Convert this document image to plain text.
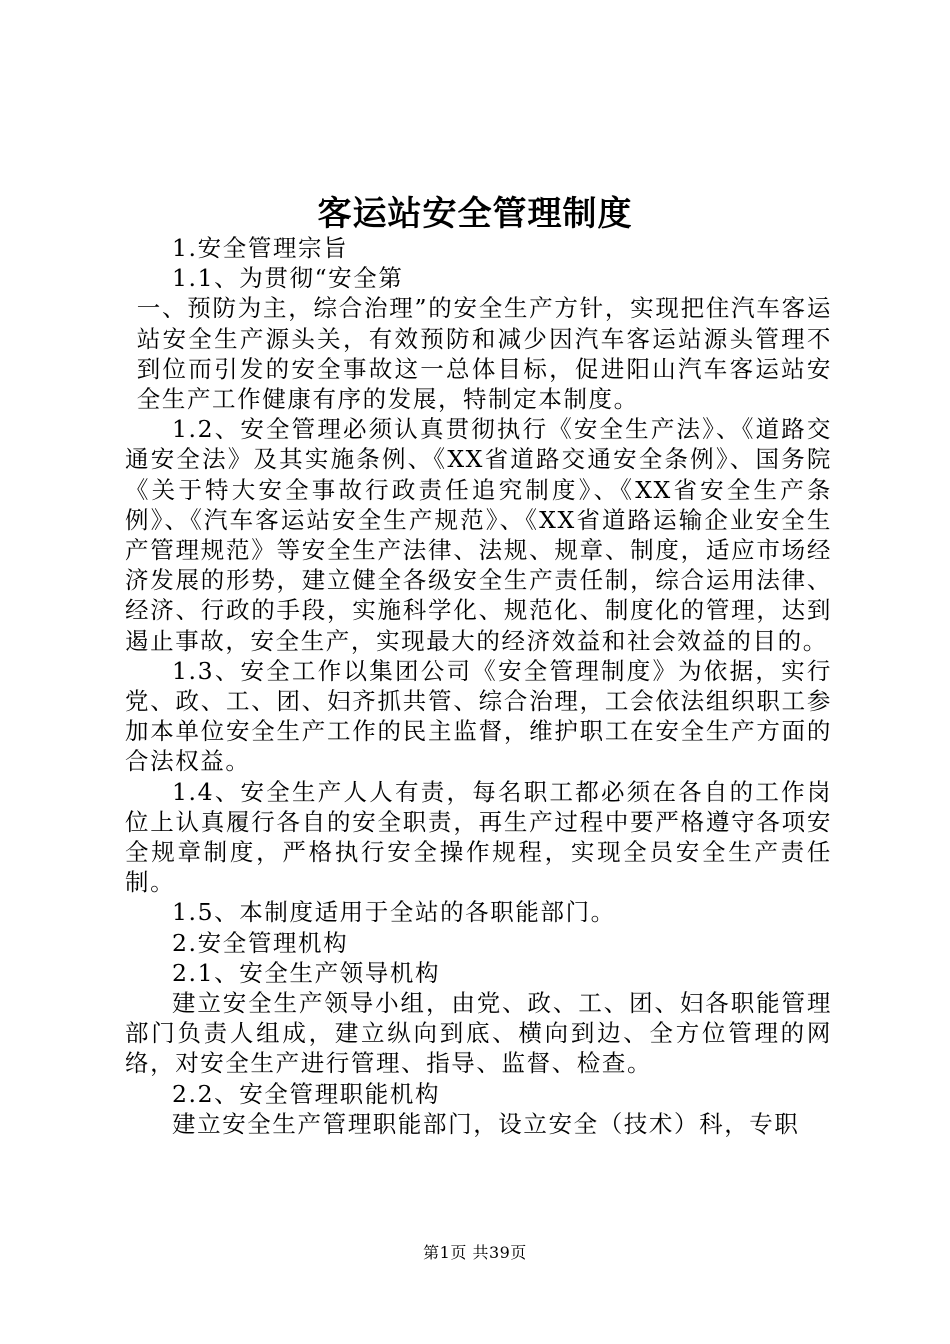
客运站安全管理制度

1.安全管理宗旨

1.1、为贯彻“安全第

一、预防为主，综合治理”的安全生产方针，实现把住汽车客运站安全生产源头关，有效预防和减少因汽车客运站源头管理不到位而引发的安全事故这一总体目标，促进阳山汽车客运站安全生产工作健康有序的发展，特制定本制度。

1.2、安全管理必须认真贯彻执行《安全生产法》、《道路交通安全法》及其实施条例、《XX省道路交通安全条例》、国务院《关于特大安全事故行政责任追究制度》、《XX省安全生产条例》、《汽车客运站安全生产规范》、《XX省道路运输企业安全生产管理规范》等安全生产法律、法规、规章、制度，适应市场经济发展的形势，建立健全各级安全生产责任制，综合运用法律、经济、行政的手段，实施科学化、规范化、制度化的管理，达到遏止事故，安全生产，实现最大的经济效益和社会效益的目的。

1.3、安全工作以集团公司《安全管理制度》为依据，实行党、政、工、团、妇齐抓共管、综合治理，工会依法组织职工参加本单位安全生产工作的民主监督，维护职工在安全生产方面的合法权益。

1.4、安全生产人人有责，每名职工都必须在各自的工作岗位上认真履行各自的安全职责，再生产过程中要严格遵守各项安全规章制度，严格执行安全操作规程，实现全员安全生产责任制。

1.5、本制度适用于全站的各职能部门。

2.安全管理机构

2.1、安全生产领导机构

建立安全生产领导小组，由党、政、工、团、妇各职能管理部门负责人组成，建立纵向到底、横向到边、全方位管理的网络，对安全生产进行管理、指导、监督、检查。

2.2、安全管理职能机构

建立安全生产管理职能部门，设立安全（技术）科，专职

第1页 共39页
